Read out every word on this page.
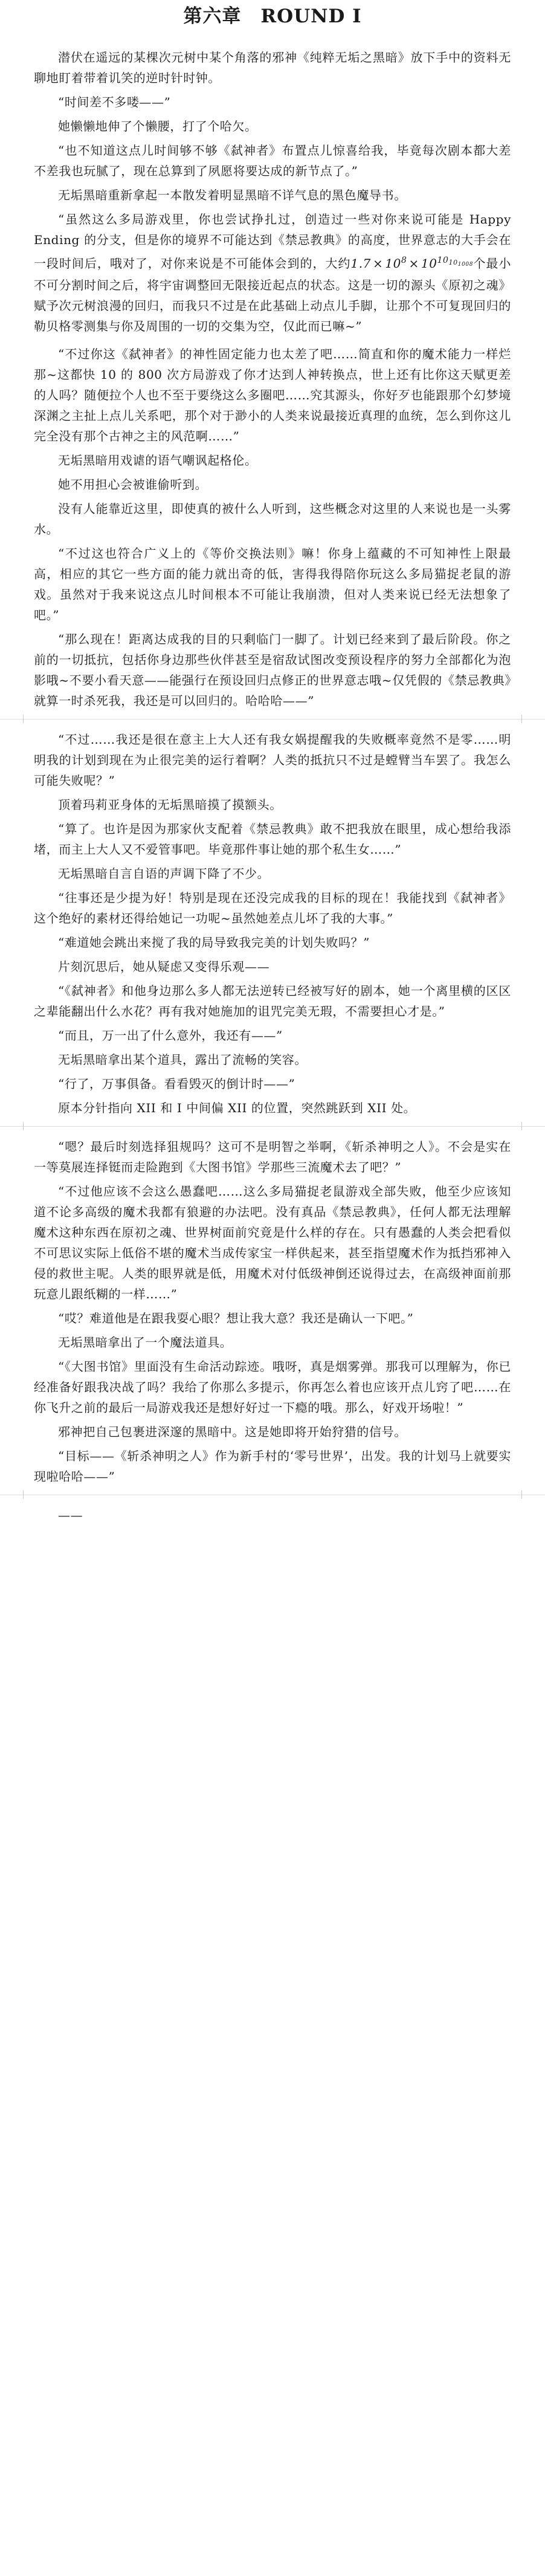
第六章　ROUND I

潜伏在遥远的某棵次元树中某个角落的邪神《纯粹无垢之黑暗》放下手中的资料无聊地盯着带着讥笑的逆时针时钟。

“时间差不多喽——”

她懒懒地伸了个懒腰，打了个哈欠。

“也不知道这点儿时间够不够《弑神者》布置点儿惊喜给我，毕竟每次剧本都大差不差我也玩腻了，现在总算到了夙愿将要达成的新节点了。”

无垢黑暗重新拿起一本散发着明显黑暗不详气息的黑色魔导书。

“虽然这么多局游戏里，你也尝试挣扎过，创造过一些对你来说可能是 Happy Ending 的分支，但是你的境界不可能达到《禁忌教典》的高度，世界意志的大手会在一段时间后，哦对了，对你来说是不可能体会到的，大约$1.7 \times 10^8 \times 10^{1010}1008$个最小不可分割时间之后，将宇宙调整回无限接近起点的状态。这是一切的源头《原初之魂》赋予次元树浪漫的回归，而我只不过是在此基础上动点儿手脚，让那个不可复现回归的勒贝格零测集与你及周围的一切的交集为空，仅此而已嘛~”

“不过你这《弑神者》的神性固定能力也太差了吧……简直和你的魔术能力一样烂那~这都快 10 的 800 次方局游戏了你才达到人神转换点，世上还有比你这天赋更差的人吗？随便拉个人也不至于要绕这么多圈吧……究其源头，你好歹也能跟那个幻梦境深渊之主扯上点儿关系吧，那个对于渺小的人类来说最接近真理的血统，怎么到你这儿完全没有那个古神之主的风范啊……”

无垢黑暗用戏谑的语气嘲讽起格伦。

她不用担心会被谁偷听到。

没有人能靠近这里，即使真的被什么人听到，这些概念对这里的人来说也是一头雾水。

“不过这也符合广义上的《等价交换法则》嘛！你身上蕴藏的不可知神性上限最高，相应的其它一些方面的能力就出奇的低，害得我得陪你玩这么多局猫捉老鼠的游戏。虽然对于我来说这点儿时间根本不可能让我崩溃，但对人类来说已经无法想象了吧。”

“那么现在！距离达成我的目的只剩临门一脚了。计划已经来到了最后阶段。你之前的一切抵抗，包括你身边那些伙伴甚至是宿敌试图改变预设程序的努力全部都化为泡影哦~不要小看天意——能强行在预设回归点修正的世界意志哦~仅凭假的《禁忌教典》就算一时杀死我，我还是可以回归的。哈哈哈——”

“不过……我还是很在意主上大人还有我女娲提醒我的失败概率竟然不是零……明明我的计划到现在为止很完美的运行着啊？人类的抵抗只不过是螳臂当车罢了。我怎么可能失败呢？”

顶着玛莉亚身体的无垢黑暗摸了摸额头。

“算了。也许是因为那家伙支配着《禁忌教典》敢不把我放在眼里，成心想给我添堵，而主上大人又不爱管事吧。毕竟那件事让她的那个私生女……”

无垢黑暗自言自语的声调下降了不少。

“往事还是少提为好！特别是现在还没完成我的目标的现在！我能找到《弑神者》这个绝好的素材还得给她记一功呢~虽然她差点儿坏了我的大事。”

“难道她会跳出来搅了我的局导致我完美的计划失败吗？”

片刻沉思后，她从疑虑又变得乐观——

“《弑神者》和他身边那么多人都无法逆转已经被写好的剧本，她一个离里横的区区之辈能翻出什么水花？再有我对她施加的诅咒完美无瑕，不需要担心才是。”

“而且，万一出了什么意外，我还有——”

无垢黑暗拿出某个道具，露出了流畅的笑容。

“行了，万事俱备。看看毁灭的倒计时——”

原本分针指向 XII 和 I 中间偏 XII 的位置，突然跳跃到 XII 处。

“嗯？最后时刻选择狙规吗？这可不是明智之举啊，《斩杀神明之人》。不会是实在一等莫展连择铤而走险跑到《大图书馆》学那些三流魔术去了吧？”

“不过他应该不会这么愚蠢吧……这么多局猫捉老鼠游戏全部失败，他至少应该知道不论多高级的魔术我都有狼避的办法吧。没有真品《禁忌教典》，任何人都无法理解魔术这种东西在原初之魂、世界树面前究竟是什么样的存在。只有愚蠢的人类会把看似不可思议实际上低俗不堪的魔术当成传家宝一样供起来，甚至指望魔术作为抵挡邪神入侵的救世主呢。人类的眼界就是低，用魔术对付低级神倒还说得过去，在高级神面前那玩意儿跟纸糊的一样……”

“哎？难道他是在跟我耍心眼？想让我大意？我还是确认一下吧。”

无垢黑暗拿出了一个魔法道具。

“《大图书馆》里面没有生命活动踪迹。哦呀，真是烟雾弹。那我可以理解为，你已经准备好跟我决战了吗？我给了你那么多提示，你再怎么着也应该开点儿窍了吧……在你飞升之前的最后一局游戏我还是想好好过一下瘾的哦。那么，好戏开场啦！”

邪神把自己包裹进深邃的黑暗中。这是她即将开始狩猎的信号。

“目标——《斩杀神明之人》作为新手村的‘零号世界’，出发。我的计划马上就要实现啦哈哈——”

——
